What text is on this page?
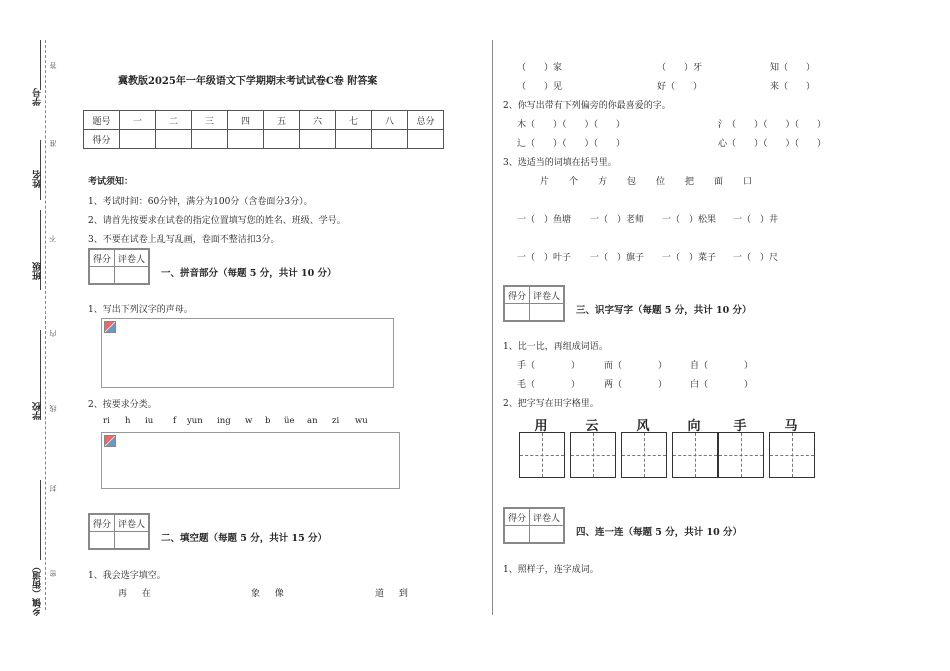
学号
姓名
班级
学校
乡镇（街道）
答
准
不
内
线
封
密
冀教版2025年一年级语文下学期期末考试试卷C卷 附答案
题号	一	二	三	四	五	六	七	八	总分
得分									
考试须知：
1、考试时间：60分钟，满分为100分（含卷面分3分）。
2、请首先按要求在试卷的指定位置填写您的姓名、班级、学号。
3、不要在试卷上乱写乱画，卷面不整洁扣3分。
得分	评卷人

一、拼音部分（每题 5 分，共计 10 分）
1、写出下列汉字的声母。
2、按要求分类。
ri h iu f yun ing w b üe an zi wu
得分	评卷人

二、填空题（每题 5 分，共计 15 分）
1、我会选字填空。
再 在	象 像	道 到
（　　）家	（　　）牙	知（　　）
（　　）见	好（　　）	来（　　）
2、你写出带有下列偏旁的你最喜爱的字。
木（　　）（　　）（　　）	氵（　　）（　　）（　　）
辶（　　）（　　）（　　）	心（　　）（　　）（　　）
3、选适当的词填在括号里。
片 个 方 包 位 把 面 口
一（　）鱼塘 一（　）老师 一（　）松果 一（　）井
一（　）叶子 一（　）旗子 一（　）菜子 一（　）尺
得分	评卷人

三、识字写字（每题 5 分，共计 10 分）
1、比一比，再组成词语。
手（　　　　）	而（　　　　）	自（　　　　）
毛（　　　　）	两（　　　　）	白（　　　　）
2、把字写在田字格里。
用	云	风	向	手	马
得分	评卷人

四、连一连（每题 5 分，共计 10 分）
1、照样子，连字成词。
